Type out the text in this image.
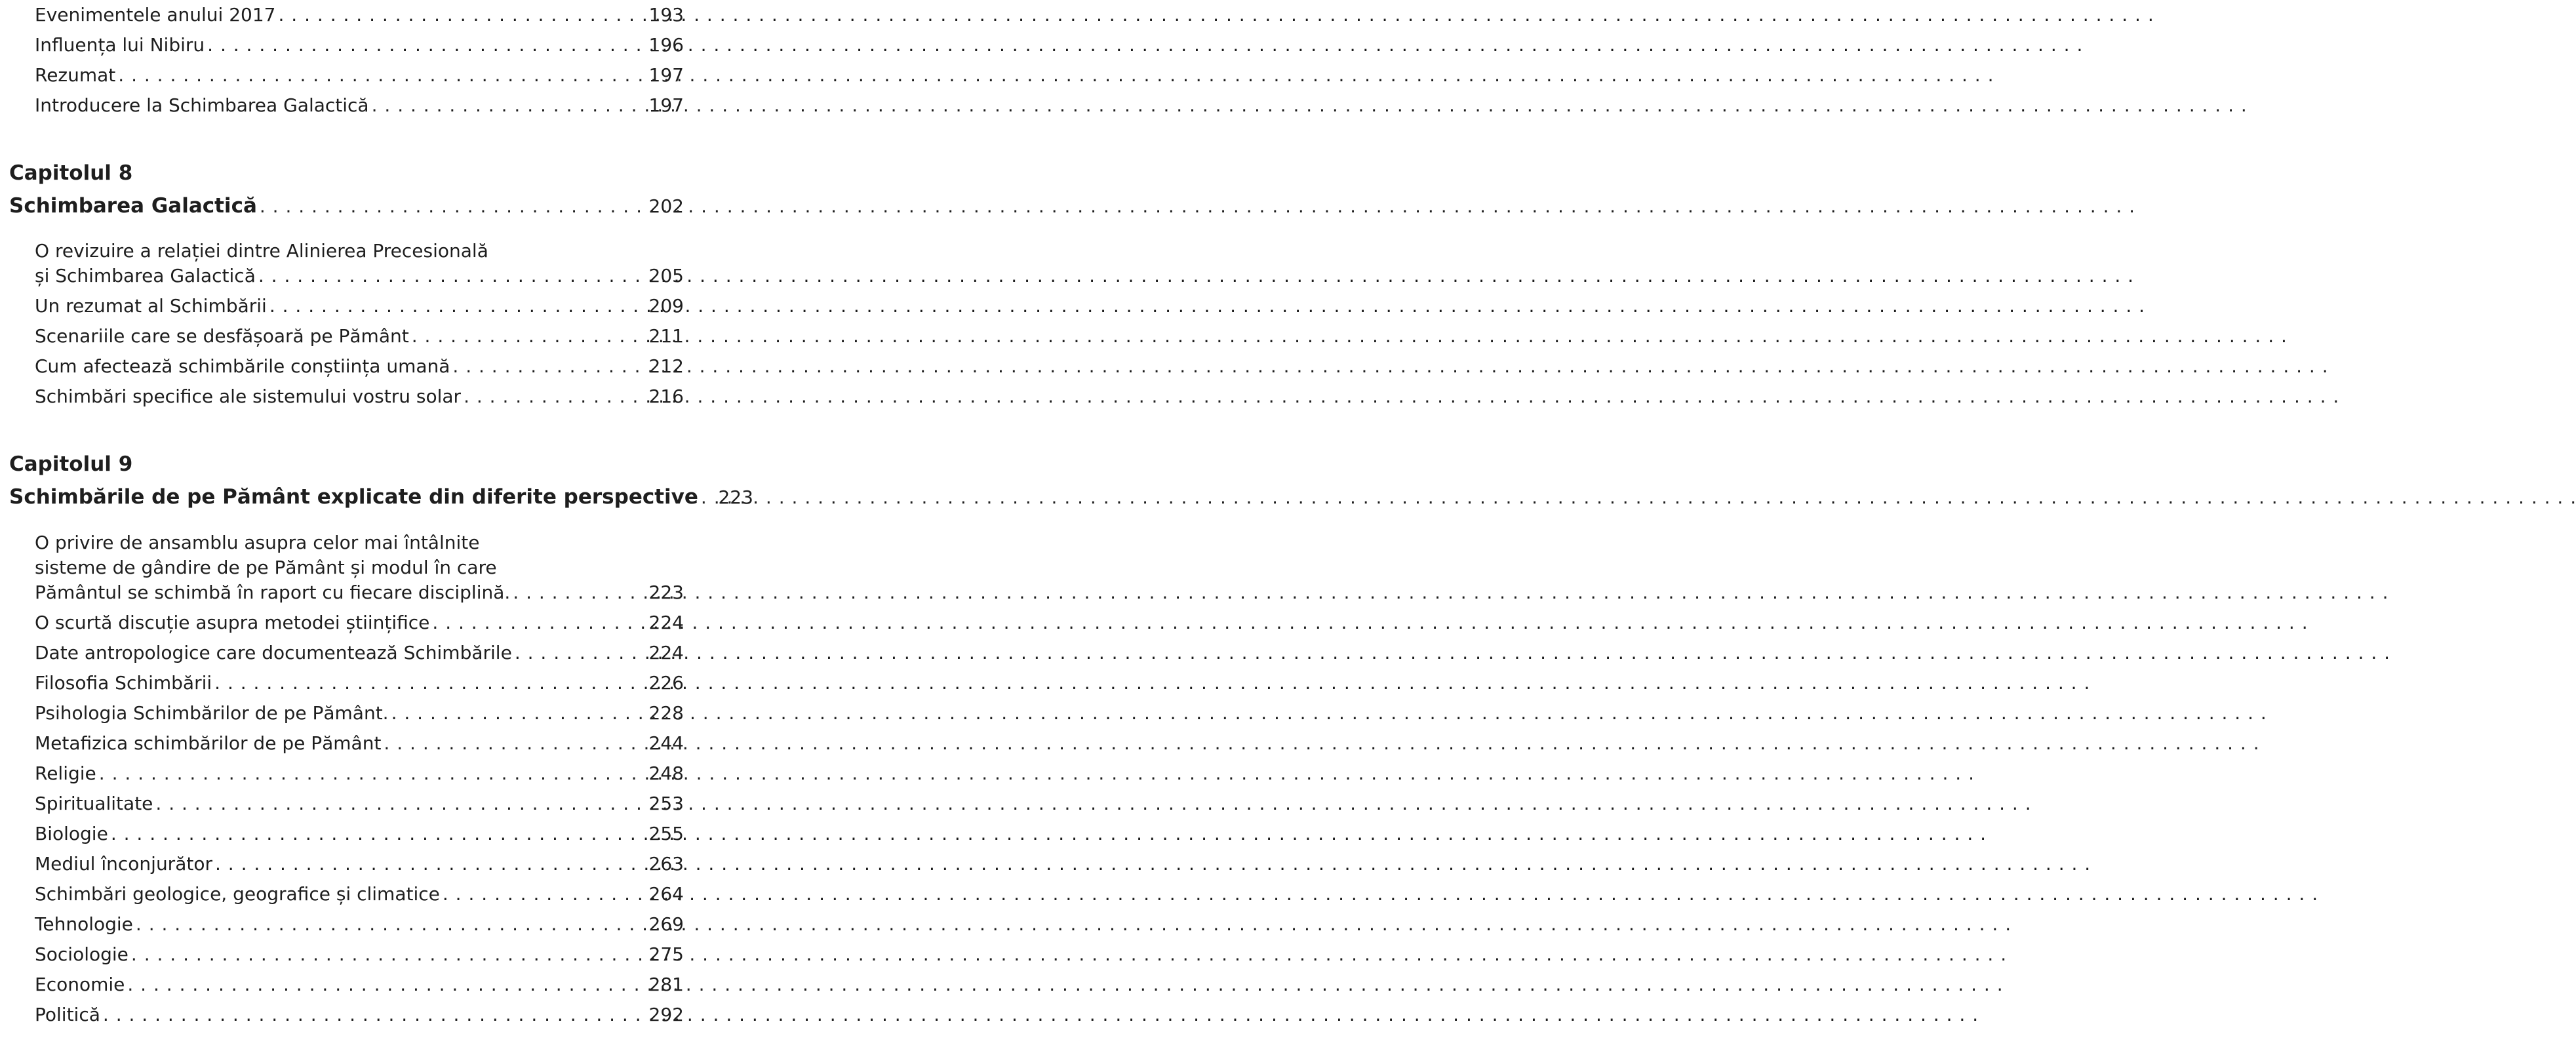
Evenimentele anului 2017 . . .	193
Influența lui Nibiru . . .	196
Rezumat . . .	197
Introducere la Schimbarea Galactică . . .	197
Capitolul 8
Schimbarea Galactică . . .	202
O revizuire a relației dintre Alinierea Precesională
și Schimbarea Galactică . . .	205
Un rezumat al Schimbării . . .	209
Scenariile care se desfășoară pe Pământ . . .	211
Cum afectează schimbările conștiința umană . . .	212
Schimbări specifice ale sistemului vostru solar . . .	216
Capitolul 9
Schimbările de pe Pământ explicate din diferite perspective . . .	223
O privire de ansamblu asupra celor mai întâlnite
sisteme de gândire de pe Pământ și modul în care
Pământul se schimbă în raport cu fiecare disciplină. . . .	223
O scurtă discuție asupra metodei științifice . . .	224
Date antropologice care documentează Schimbările . . .	224
Filosofia Schimbării . . .	226
Psihologia Schimbărilor de pe Pământ. . . .	228
Metafizica schimbărilor de pe Pământ . . .	244
Religie . . .	248
Spiritualitate . . .	253
Biologie . . .	255
Mediul înconjurător . . .	263
Schimbări geologice, geografice și climatice . . .	264
Tehnologie . . .	269
Sociologie . . .	275
Economie . . .	281
Politică . . .	292
